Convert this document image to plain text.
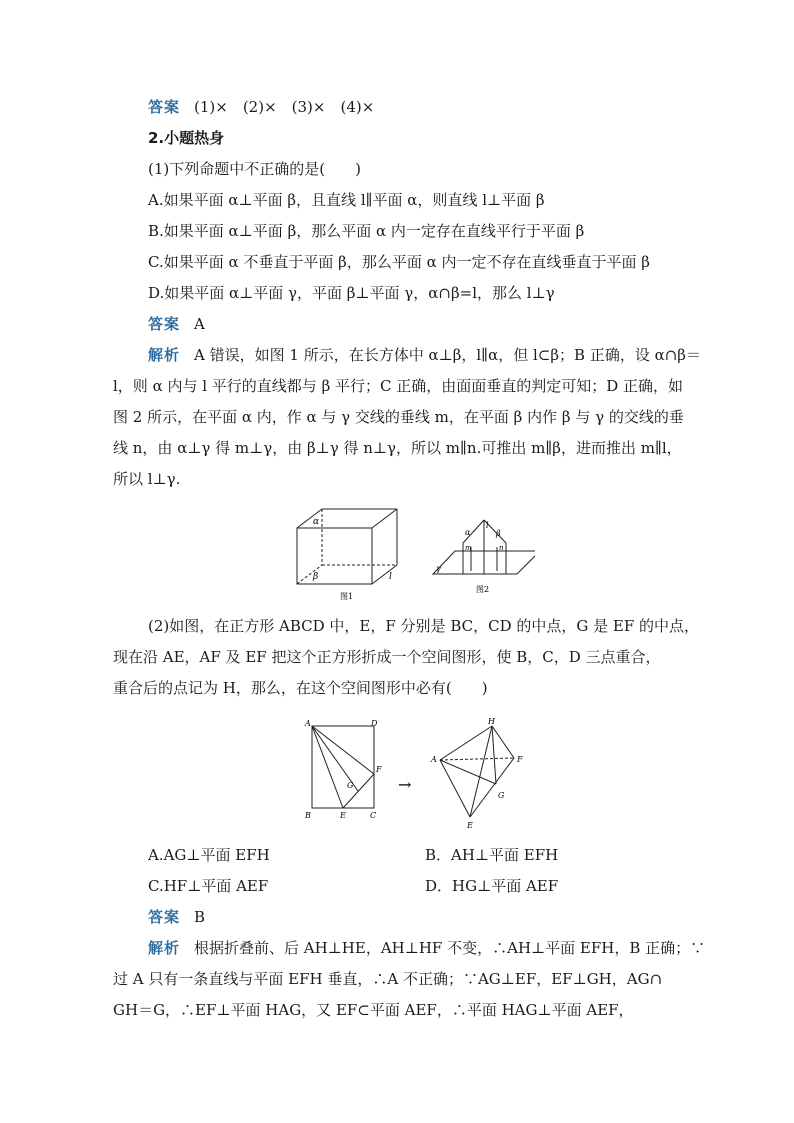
答案 (1)×　(2)×　(3)×　(4)×
2.小题热身
(1)下列命题中不正确的是(　　)
A.如果平面 α⊥平面 β，且直线 l∥平面 α，则直线 l⊥平面 β
B.如果平面 α⊥平面 β，那么平面 α 内一定存在直线平行于平面 β
C.如果平面 α 不垂直于平面 β，那么平面 α 内一定不存在直线垂直于平面 β
D.如果平面 α⊥平面 γ，平面 β⊥平面 γ，α∩β=l，那么 l⊥γ
答案 A
解析 A 错误，如图 1 所示，在长方体中 α⊥β，l∥α，但 l⊂β；B 正确，设 α∩β＝
l，则 α 内与 l 平行的直线都与 β 平行；C 正确，由面面垂直的判定可知；D 正确，如
图 2 所示，在平面 α 内，作 α 与 γ 交线的垂线 m，在平面 β 内作 β 与 γ 的交线的垂
线 n，由 α⊥γ 得 m⊥γ，由 β⊥γ 得 n⊥γ，所以 m∥n.可推出 m∥β，进而推出 m∥l，
所以 l⊥γ.
α
β	l
图1
α
l
β
m	n
γ
图2
(2)如图，在正方形 ABCD 中，E，F 分别是 BC，CD 的中点，G 是 EF 的中点，
现在沿 AE，AF 及 EF 把这个正方形折成一个空间图形，使 B，C，D 三点重合，
重合后的点记为 H，那么，在这个空间图形中必有(　　)
A	D
B	E	C
F
G	→
H
A	F
G
E
A.AG⊥平面 EFH	B．AH⊥平面 EFH
C.HF⊥平面 AEF	D．HG⊥平面 AEF
答案 B
解析 根据折叠前、后 AH⊥HE，AH⊥HF 不变，∴AH⊥平面 EFH，B 正确；∵
过 A 只有一条直线与平面 EFH 垂直，∴A 不正确；∵AG⊥EF，EF⊥GH，AG∩
GH＝G，∴EF⊥平面 HAG，又 EF⊂平面 AEF，∴平面 HAG⊥平面 AEF，
